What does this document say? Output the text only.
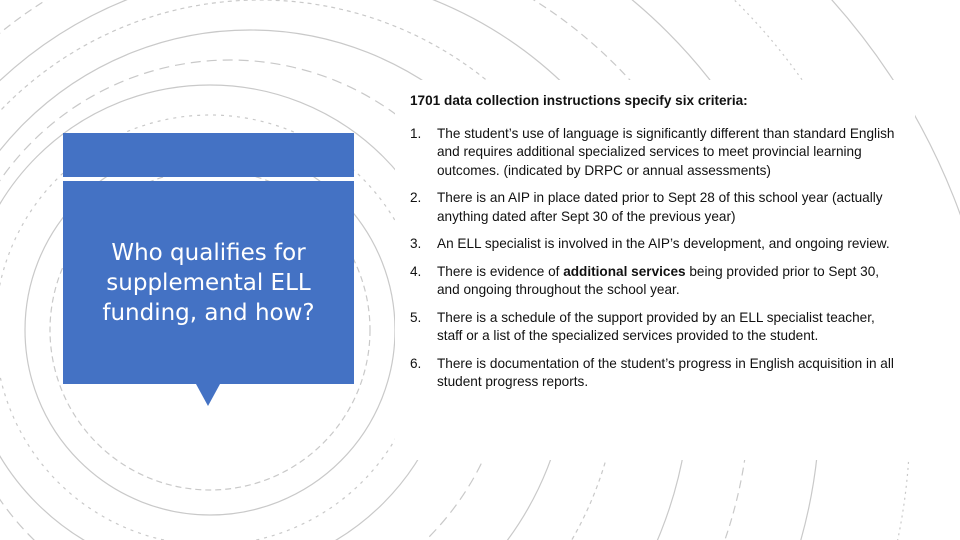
Who qualifies for supplemental ELL funding, and how?

1701 data collection instructions specify six criteria:

1.	The student’s use of language is significantly different than standard English and requires additional specialized services to meet provincial learning outcomes. (indicated by DRPC or annual assessments)
2.	There is an AIP in place dated prior to Sept 28 of this school year (actually anything dated after Sept 30 of the previous year)
3.	An ELL specialist is involved in the AIP’s development, and ongoing review.
4.	There is evidence of additional services being provided prior to Sept 30, and ongoing throughout the school year.
5.	There is a schedule of the support provided by an ELL specialist teacher, staff or a list of the specialized services provided to the student.
6.	There is documentation of the student’s progress in English acquisition in all student progress reports.
